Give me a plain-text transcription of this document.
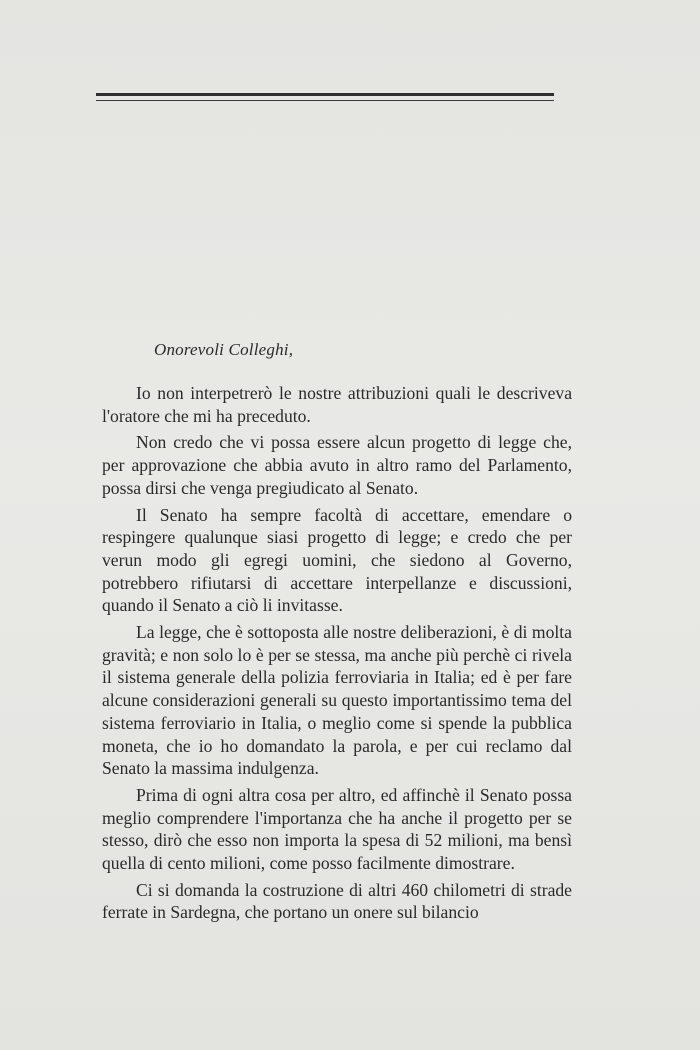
Onorevoli Colleghi,

Io non interpetrerò le nostre attribuzioni quali le descriveva l'oratore che mi ha preceduto.

Non credo che vi possa essere alcun progetto di legge che, per approvazione che abbia avuto in altro ramo del Parlamento, possa dirsi che venga pregiudicato al Senato.

Il Senato ha sempre facoltà di accettare, emendare o respingere qualunque siasi progetto di legge; e credo che per verun modo gli egregi uomini, che siedono al Governo, potrebbero rifiutarsi di accettare interpellanze e discussioni, quando il Senato a ciò li invitasse.

La legge, che è sottoposta alle nostre deliberazioni, è di molta gravità; e non solo lo è per se stessa, ma anche più perchè ci rivela il sistema generale della polizia ferroviaria in Italia; ed è per fare alcune considerazioni generali su questo importantissimo tema del sistema ferroviario in Italia, o meglio come si spende la pubblica moneta, che io ho domandato la parola, e per cui reclamo dal Senato la massima indulgenza.

Prima di ogni altra cosa per altro, ed affinchè il Senato possa meglio comprendere l'importanza che ha anche il progetto per se stesso, dirò che esso non importa la spesa di 52 milioni, ma bensì quella di cento milioni, come posso facilmente dimostrare.

Ci si domanda la costruzione di altri 460 chilometri di strade ferrate in Sardegna, che portano un onere sul bilancio
